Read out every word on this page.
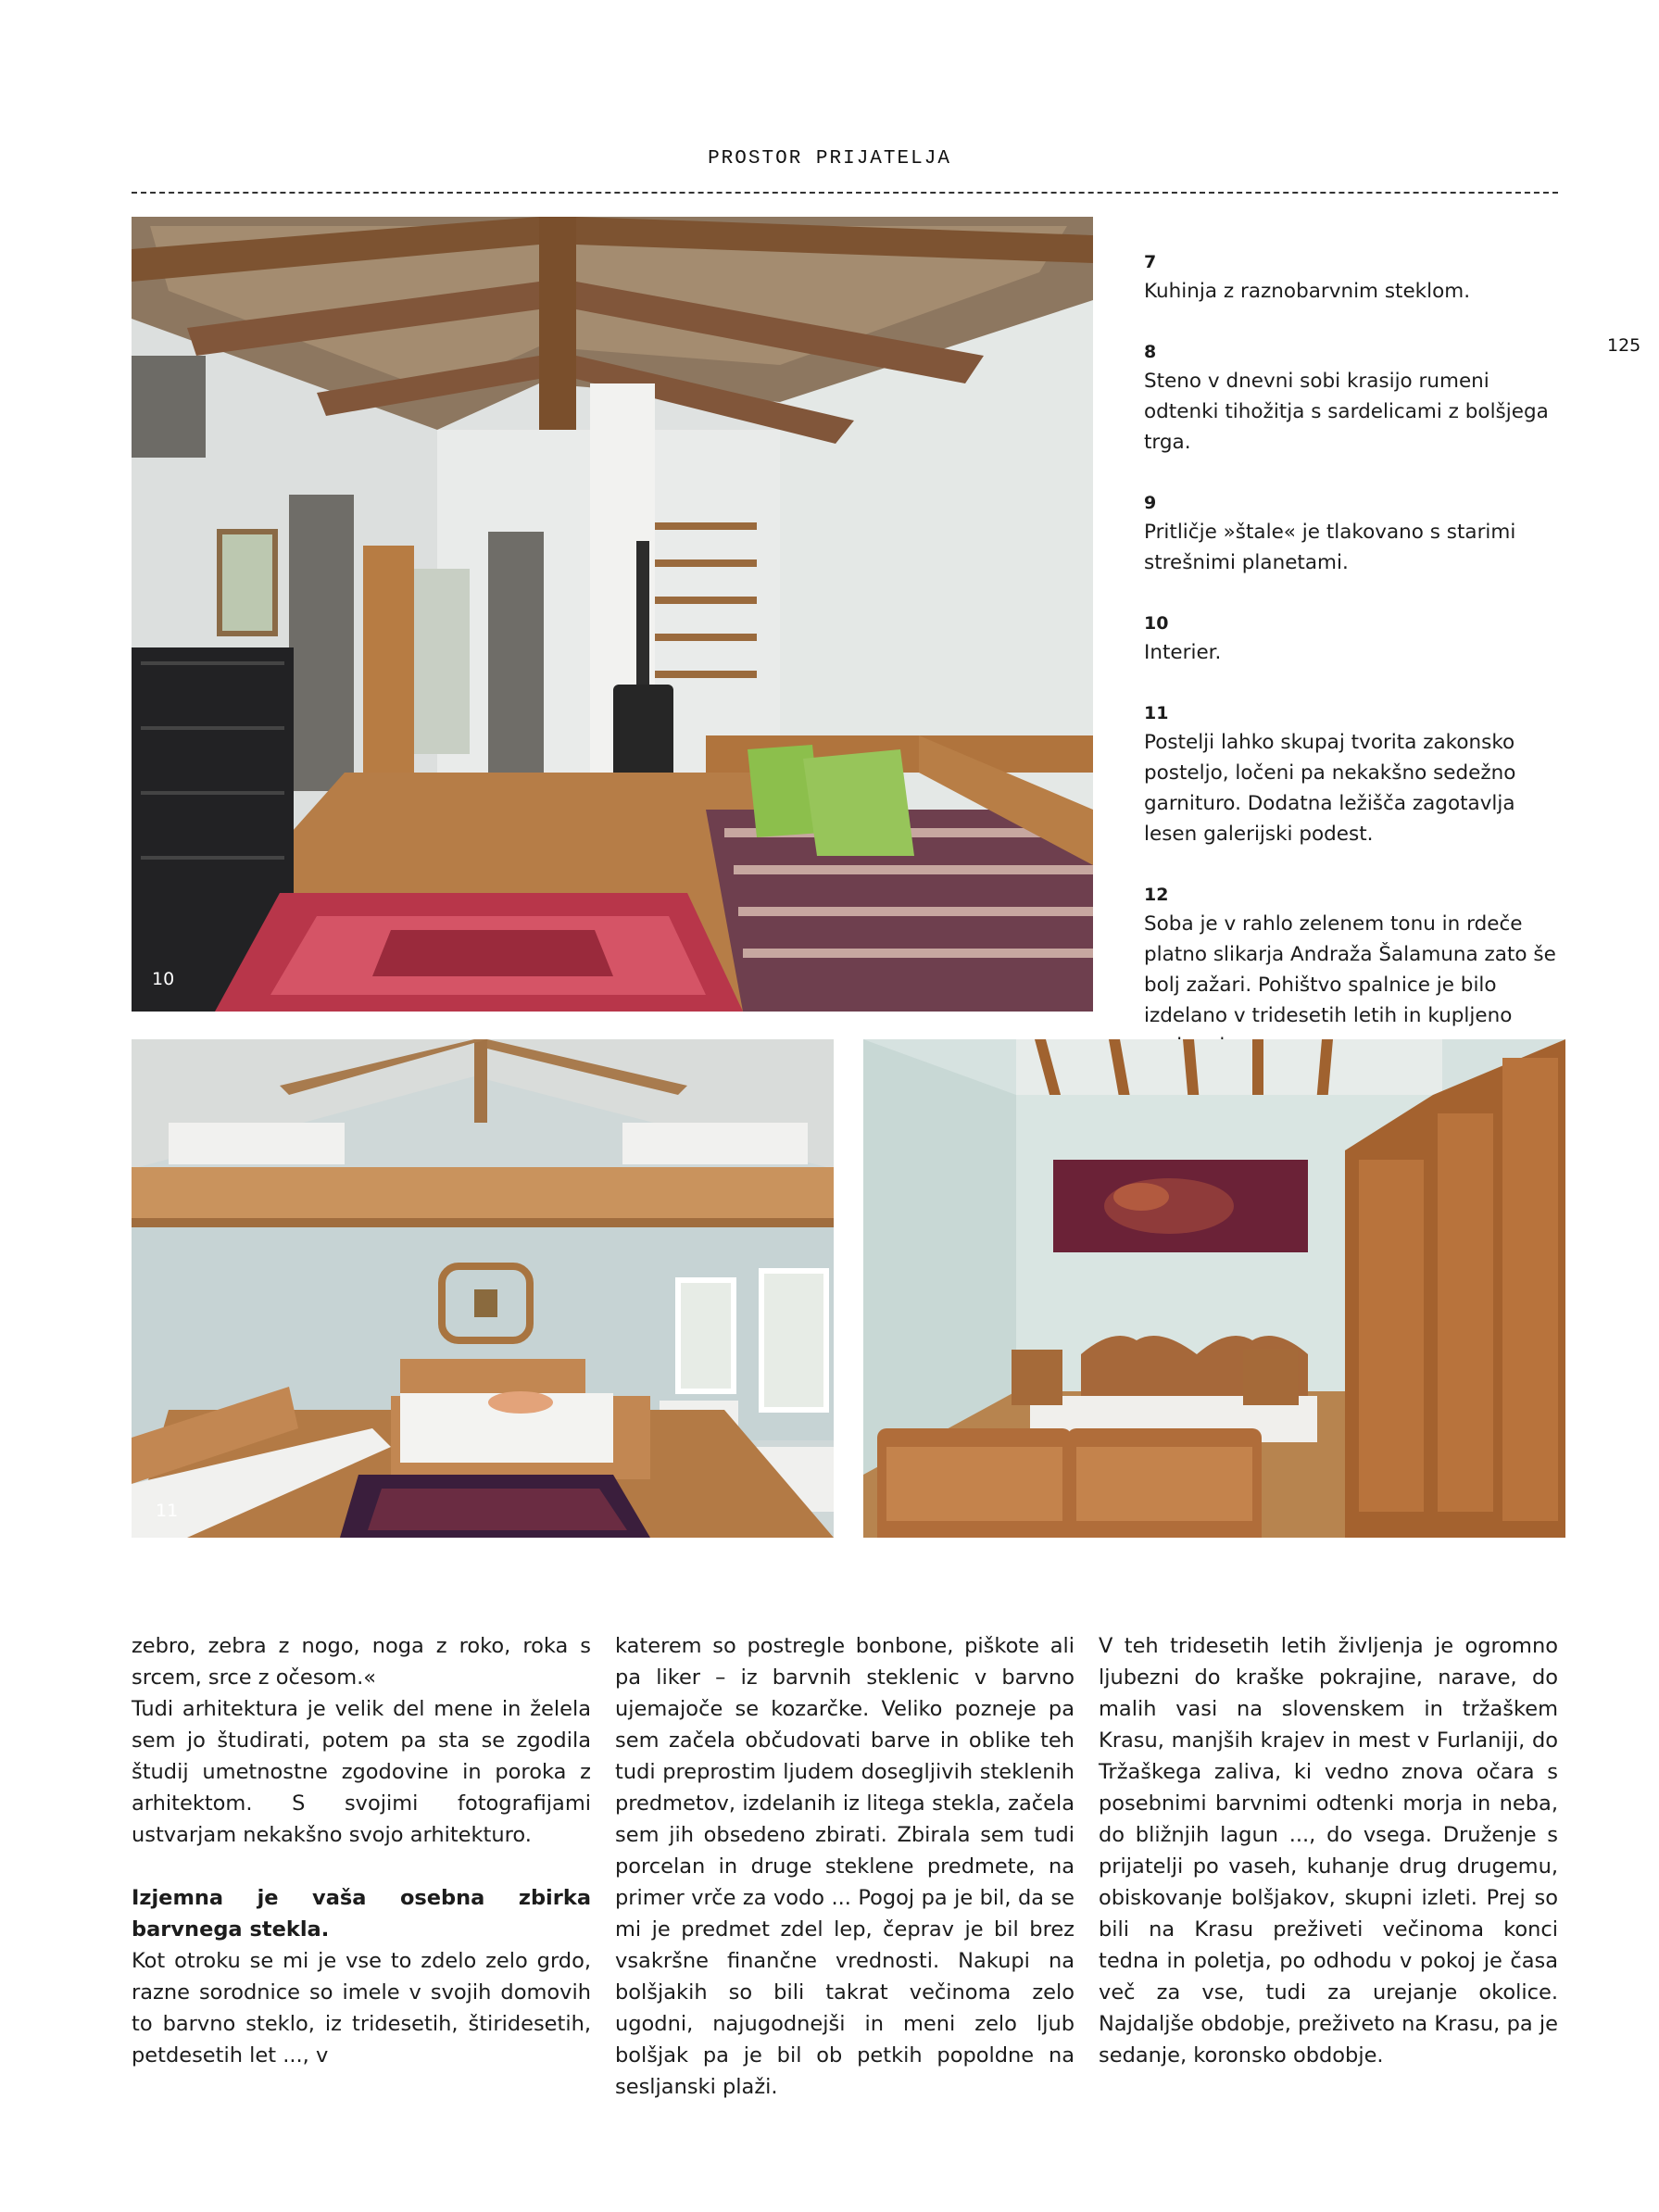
PROSTOR PRIJATELJA
125
10
7
Kuhinja z raznobarvnim steklom.
8
Steno v dnevni sobi krasijo rumeni odtenki tihožitja s sardelicami z bolšjega trga.
9
Pritličje »štale« je tlakovano s starimi strešnimi planetami.
10
Interier.
11
Postelji lahko skupaj tvorita zakonsko posteljo, ločeni pa nekakšno sedežno garnituro. Dodatna ležišča zagotavlja lesen galerijski podest.
12
Soba je v rahlo zelenem tonu in rdeče platno slikarja Andraža Šalamuna zato še bolj zažari. Pohištvo spalnice je bilo izdelano v tridesetih letih in kupljeno
11

zebro, zebra z nogo, noga z roko, roka s srcem, srce z očesom.«

Tudi arhitektura je velik del mene in želela sem jo študirati, potem pa sta se zgodila študij umetnostne zgodovine in poroka z arhitektom. S svojimi fotografijami ustvarjam nekakšno svojo arhitekturo.

Izjemna je vaša osebna zbirka barvnega stekla.

Kot otroku se mi je vse to zdelo zelo grdo, razne sorodnice so imele v svojih domovih to barvno steklo, iz tridesetih, štiridesetih, petdesetih let ..., v

katerem so postregle bonbone, piškote ali pa liker – iz barvnih steklenic v barvno ujemajoče se kozarčke. Veliko pozneje pa sem začela občudovati barve in oblike teh tudi preprostim ljudem dosegljivih steklenih predmetov, izdelanih iz litega stekla, začela sem jih obsedeno zbirati. Zbirala sem tudi porcelan in druge steklene predmete, na primer vrče za vodo ... Pogoj pa je bil, da se mi je predmet zdel lep, čeprav je bil brez vsakršne finančne vrednosti. Nakupi na bolšjakih so bili takrat večinoma zelo ugodni, najugodnejši in meni zelo ljub bolšjak pa je bil ob petkih popoldne na sesljanski plaži.

V teh tridesetih letih življenja je ogromno ljubezni do kraške pokrajine, narave, do malih vasi na slovenskem in tržaškem Krasu, manjših krajev in mest v Furlaniji, do Tržaškega zaliva, ki vedno znova očara s posebnimi barvnimi odtenki morja in neba, do bližnjih lagun ..., do vsega. Druženje s prijatelji po vaseh, kuhanje drug drugemu, obiskovanje bolšjakov, skupni izleti. Prej so bili na Krasu preživeti večinoma konci tedna in poletja, po odhodu v pokoj je časa več za vse, tudi za urejanje okolice. Najdaljše obdobje, preživeto na Krasu, pa je sedanje, koronsko obdobje.
